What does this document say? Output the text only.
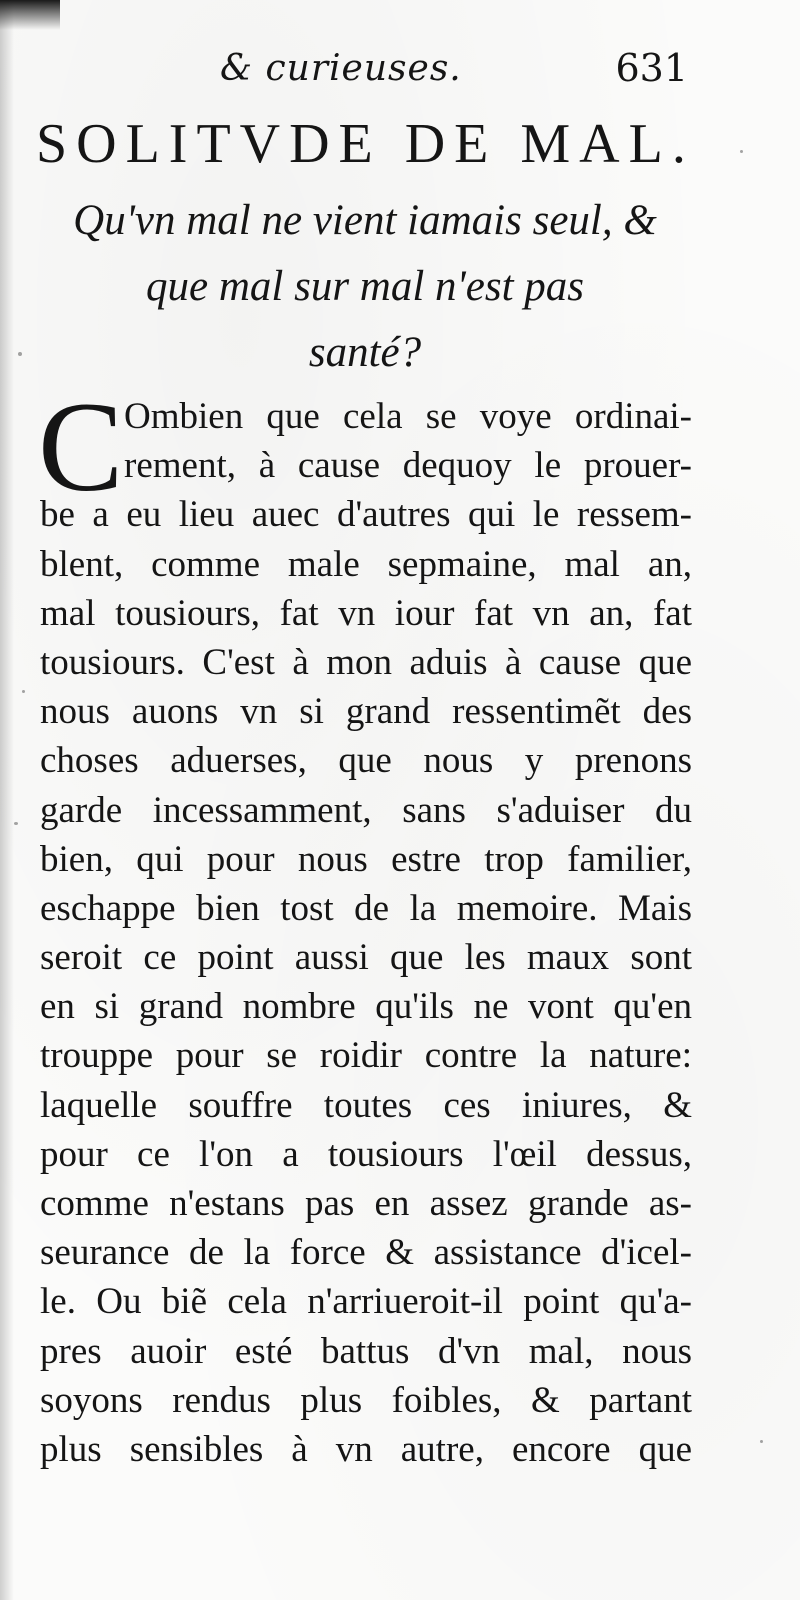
& curieuses.	631
SOLITVDE DE MAL.
Qu'vn mal ne vient iamais seul, &
que mal sur mal n'est pas
santé?
C Ombien que cela se voye ordinai-
rement, à cause dequoy le prouer-
be a eu lieu auec d'autres qui le ressem-
blent, comme male sepmaine, mal an,
mal tousiours, fat vn iour fat vn an, fat
tousiours. C'est à mon aduis à cause que
nous auons vn si grand ressentimẽt des
choses aduerses, que nous y prenons
garde incessamment, sans s'aduiser du
bien, qui pour nous estre trop familier,
eschappe bien tost de la memoire. Mais
seroit ce point aussi que les maux sont
en si grand nombre qu'ils ne vont qu'en
trouppe pour se roidir contre la nature:
laquelle souffre toutes ces iniures, &
pour ce l'on a tousiours l'œil dessus,
comme n'estans pas en assez grande as-
seurance de la force & assistance d'icel-
le. Ou biẽ cela n'arriueroit-il point qu'a-
pres auoir esté battus d'vn mal, nous
soyons rendus plus foibles, & partant
plus sensibles à vn autre, encore que
